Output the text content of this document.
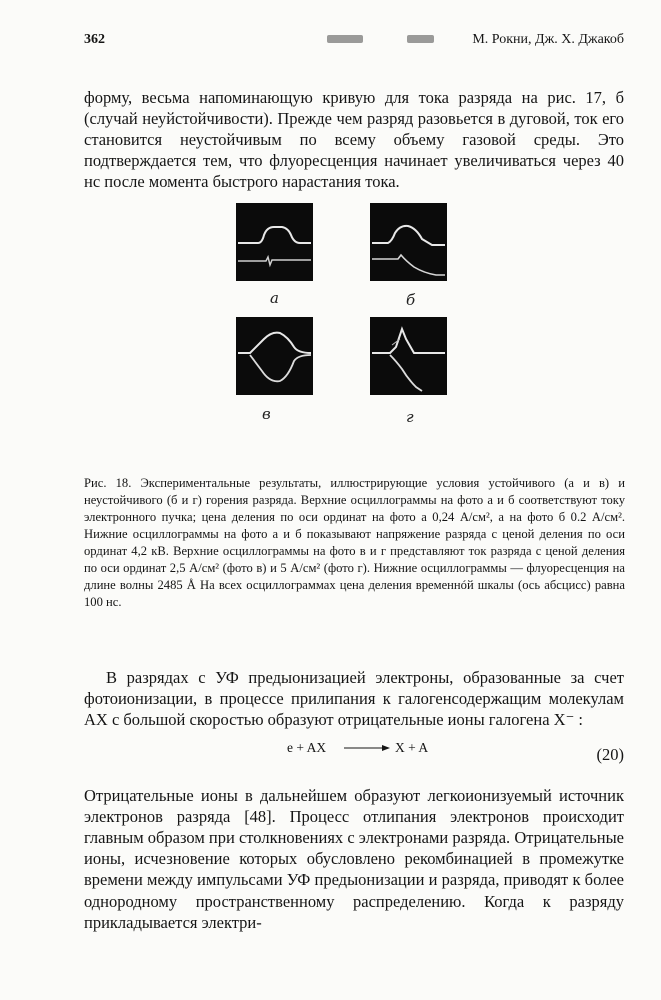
362	М. Рокни, Дж. Х. Джакоб

форму, весьма напоминающую кривую для тока разряда на рис. 17, б (случай неуйстойчивости). Прежде чем разряд разовьется в дуговой, ток его становится неустойчивым по всему объему газовой среды. Это подтверждается тем, что флуоресценция начинает увеличиваться через 40 нс после момента быстрого нарастания тока.

а	б
в	г

Рис. 18. Экспериментальные результаты, иллюстрирующие условия устойчивого (а и в) и неустойчивого (б и г) горения разряда. Верхние осциллограммы на фото а и б соответствуют току электронного пучка; цена деления по оси ординат на фото а 0,24 А/см², а на фото б 0.2 А/см². Нижние осциллограммы на фото а и б показывают напряжение разряда с ценой деления по оси ординат 4,2 кВ. Верхние осциллограммы на фото в и г представляют ток разряда с ценой деления по оси ординат 2,5 А/см² (фото в) и 5 А/см² (фото г). Нижние осциллограммы — флуоресценция на длине волны 2485 Å На всех осциллограммах цена деления временнóй шкалы (ось абсцисс) равна 100 нс.

В разрядах с УФ предыонизацией электроны, образованные за счет фотоионизации, в процессе прилипания к галогенсодержащим молекулам АХ с большой скоростью образуют отрицательные ионы галогена Х⁻ :

e + AX → X + A	(20)

Отрицательные ионы в дальнейшем образуют легкоионизуемый источник электронов разряда [48]. Процесс отлипания электронов происходит главным образом при столкновениях с электронами разряда. Отрицательные ионы, исчезновение которых обусловлено рекомбинацией в промежутке времени между импульсами УФ предыонизации и разряда, приводят к более однородному пространственному распределению. Когда к разряду прикладывается электри-
